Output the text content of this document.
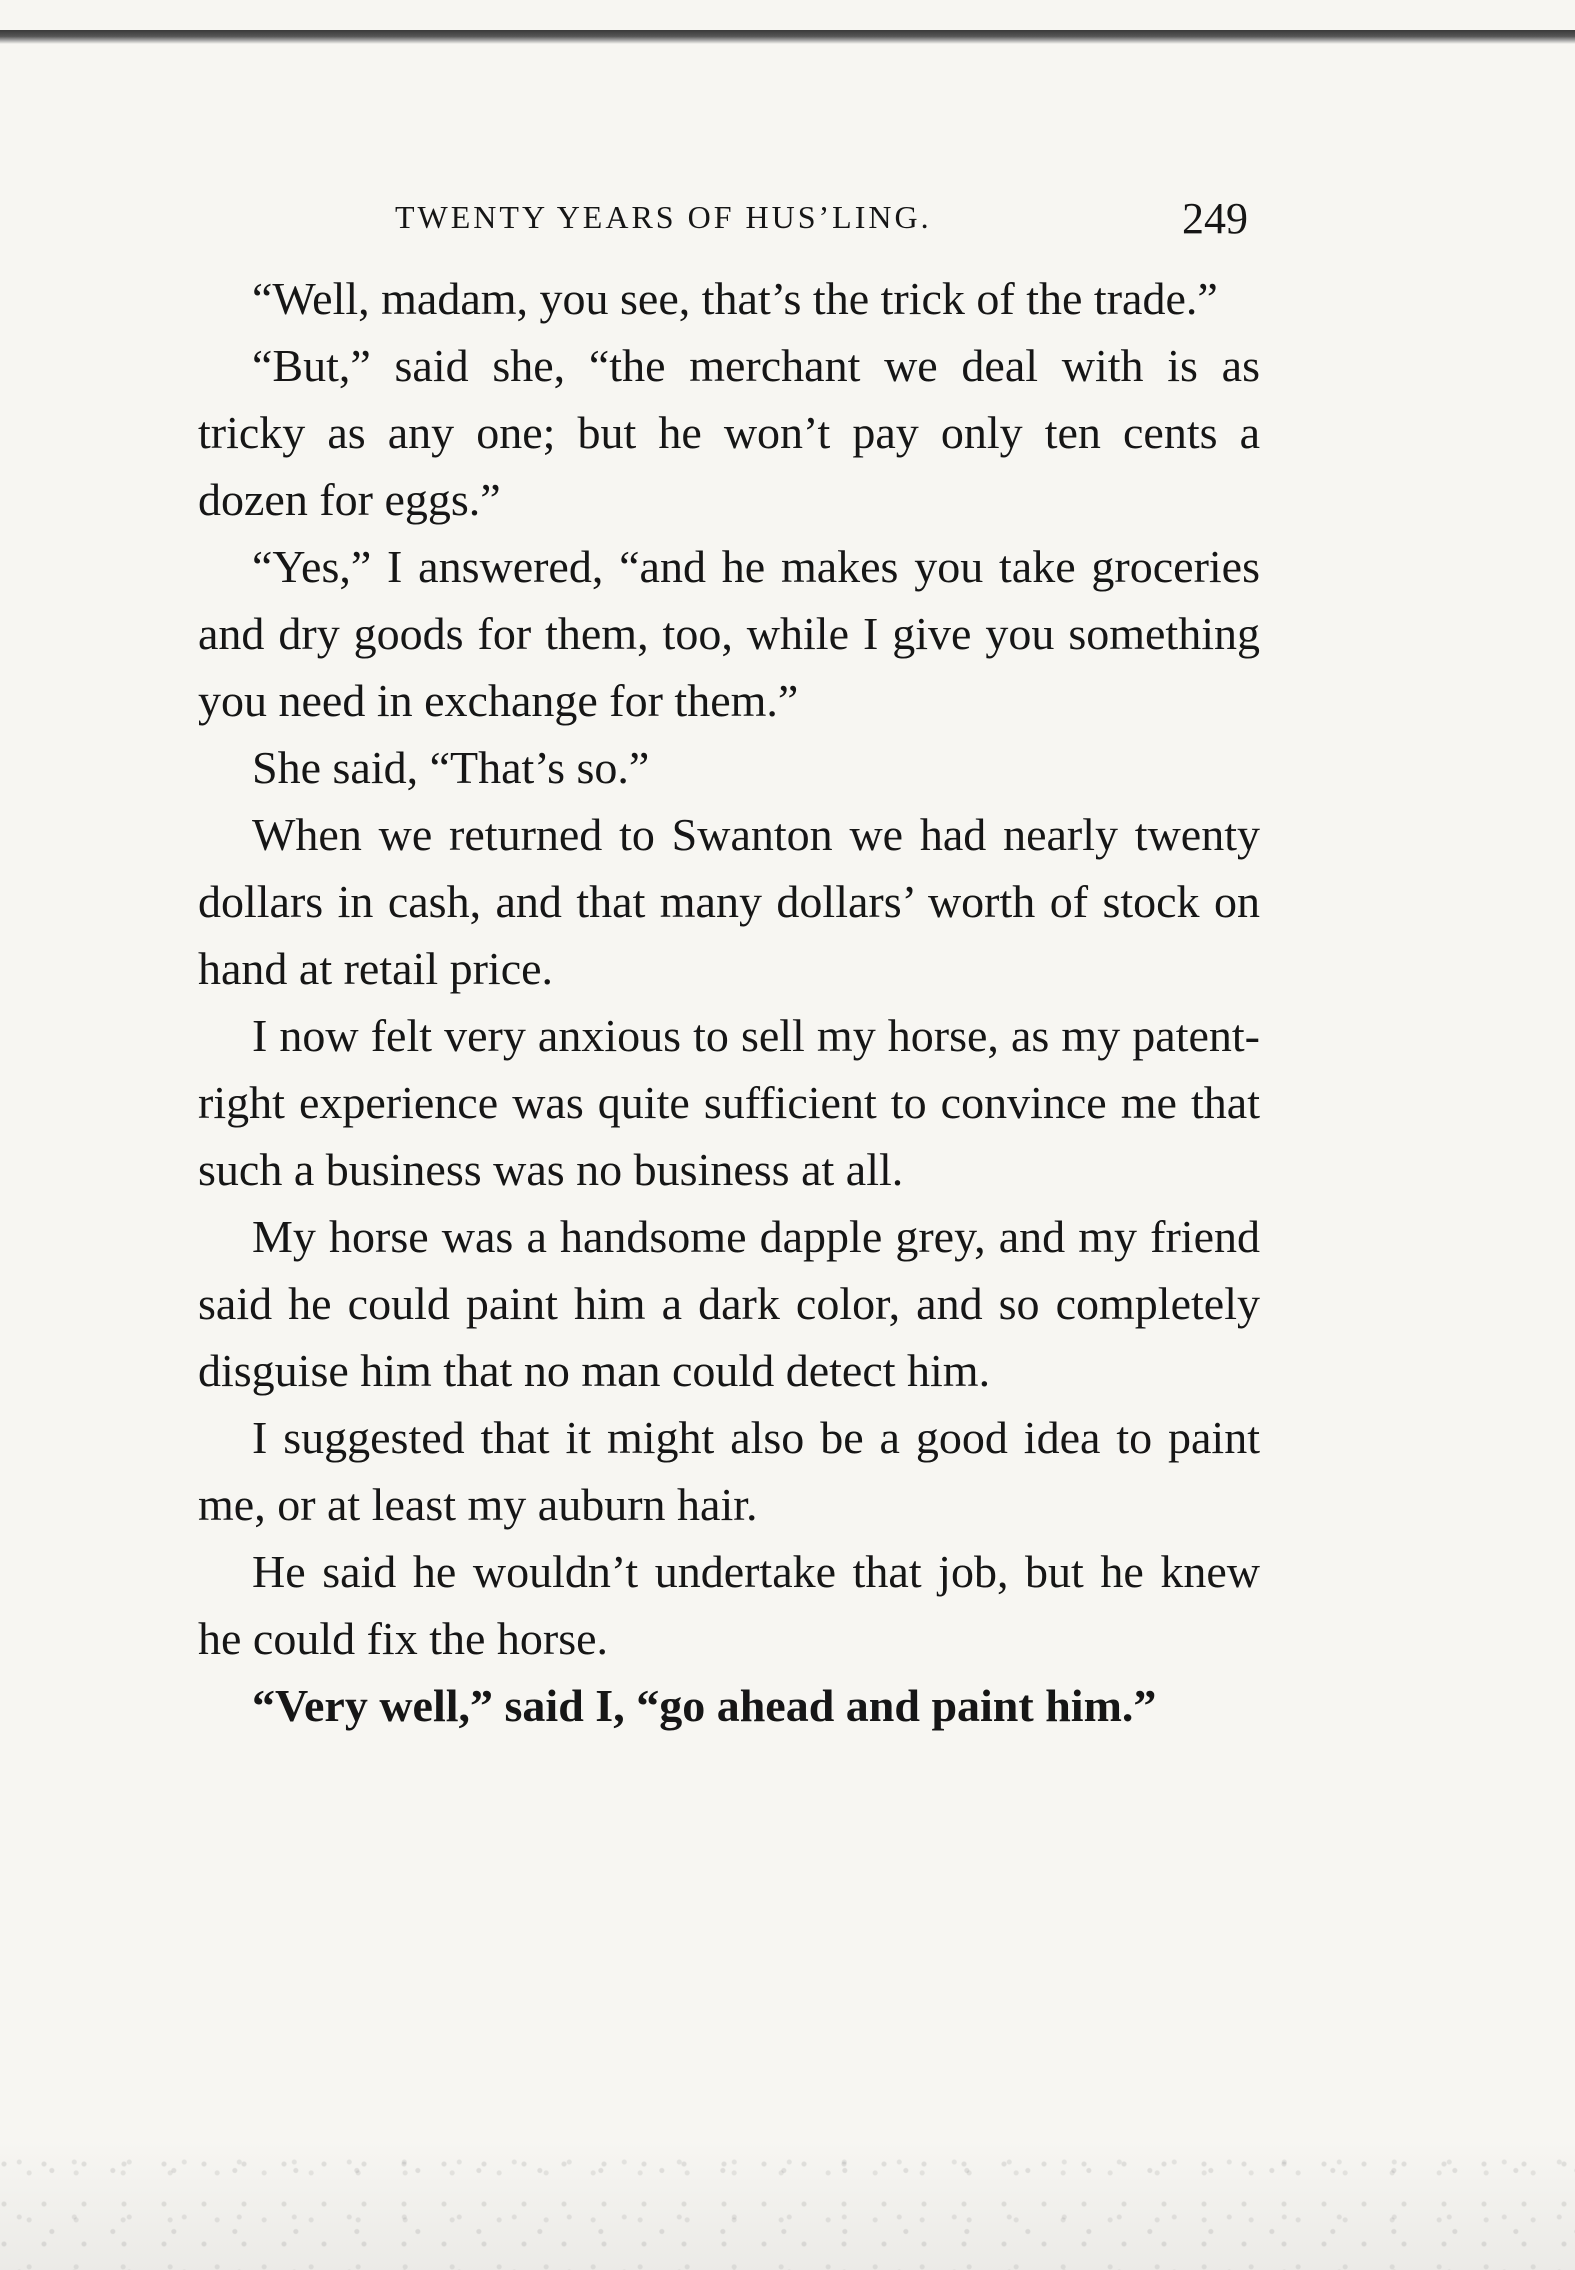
TWENTY YEARS OF HUS’LING.	249

“Well, madam, you see, that’s the trick of the trade.”

“But,” said she, “the merchant we deal with is as tricky as any one; but he won’t pay only ten cents a dozen for eggs.”

“Yes,” I answered, “and he makes you take groceries and dry goods for them, too, while I give you something you need in exchange for them.”

She said, “That’s so.”

When we returned to Swanton we had nearly twenty dollars in cash, and that many dollars’ worth of stock on hand at retail price.

I now felt very anxious to sell my horse, as my patent-right experience was quite sufficient to convince me that such a business was no business at all.

My horse was a handsome dapple grey, and my friend said he could paint him a dark color, and so completely disguise him that no man could detect him.

I suggested that it might also be a good idea to paint me, or at least my auburn hair.

He said he wouldn’t undertake that job, but he knew he could fix the horse.

“Very well,” said I, “go ahead and paint him.”
